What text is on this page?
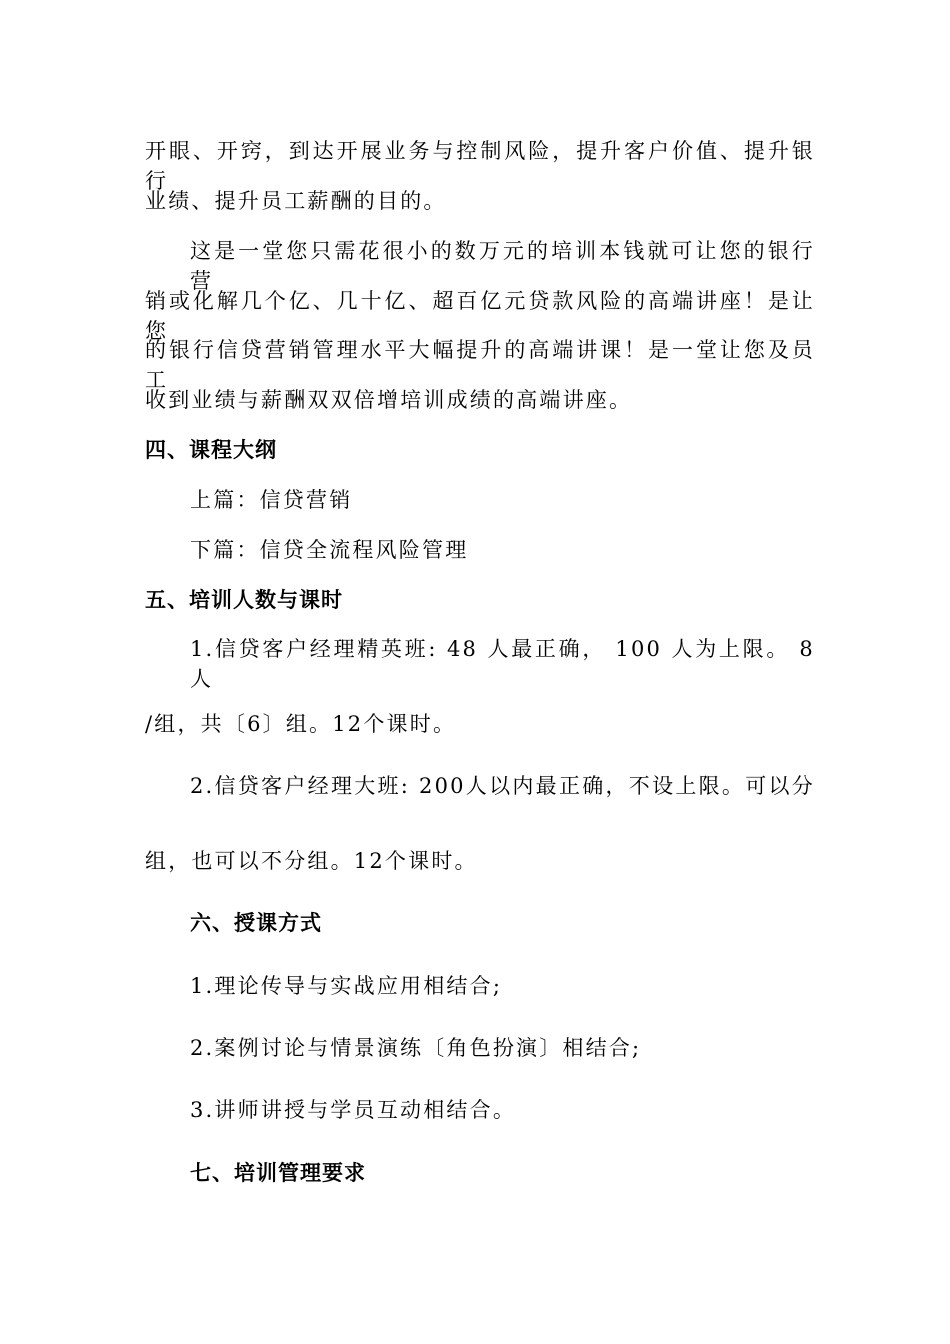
开眼、开窍，到达开展业务与控制风险，提升客户价值、提升银行
业绩、提升员工薪酬的目的。
这是一堂您只需花很小的数万元的培训本钱就可让您的银行营
销或化解几个亿、几十亿、超百亿元贷款风险的高端讲座！是让您
的银行信贷营销管理水平大幅提升的高端讲课！是一堂让您及员工
收到业绩与薪酬双双倍增培训成绩的高端讲座。
四、课程大纲
上篇：信贷营销
下篇：信贷全流程风险管理
五、培训人数与课时
1.信贷客户经理精英班: 48 人最正确， 100 人为上限。 8 人
/组，共〔6〕组。12个课时。
2.信贷客户经理大班: 200人以内最正确，不设上限。可以分
组，也可以不分组。12个课时。
六、授课方式
1.理论传导与实战应用相结合;
2.案例讨论与情景演练〔角色扮演〕相结合;
3.讲师讲授与学员互动相结合。
七、培训管理要求
